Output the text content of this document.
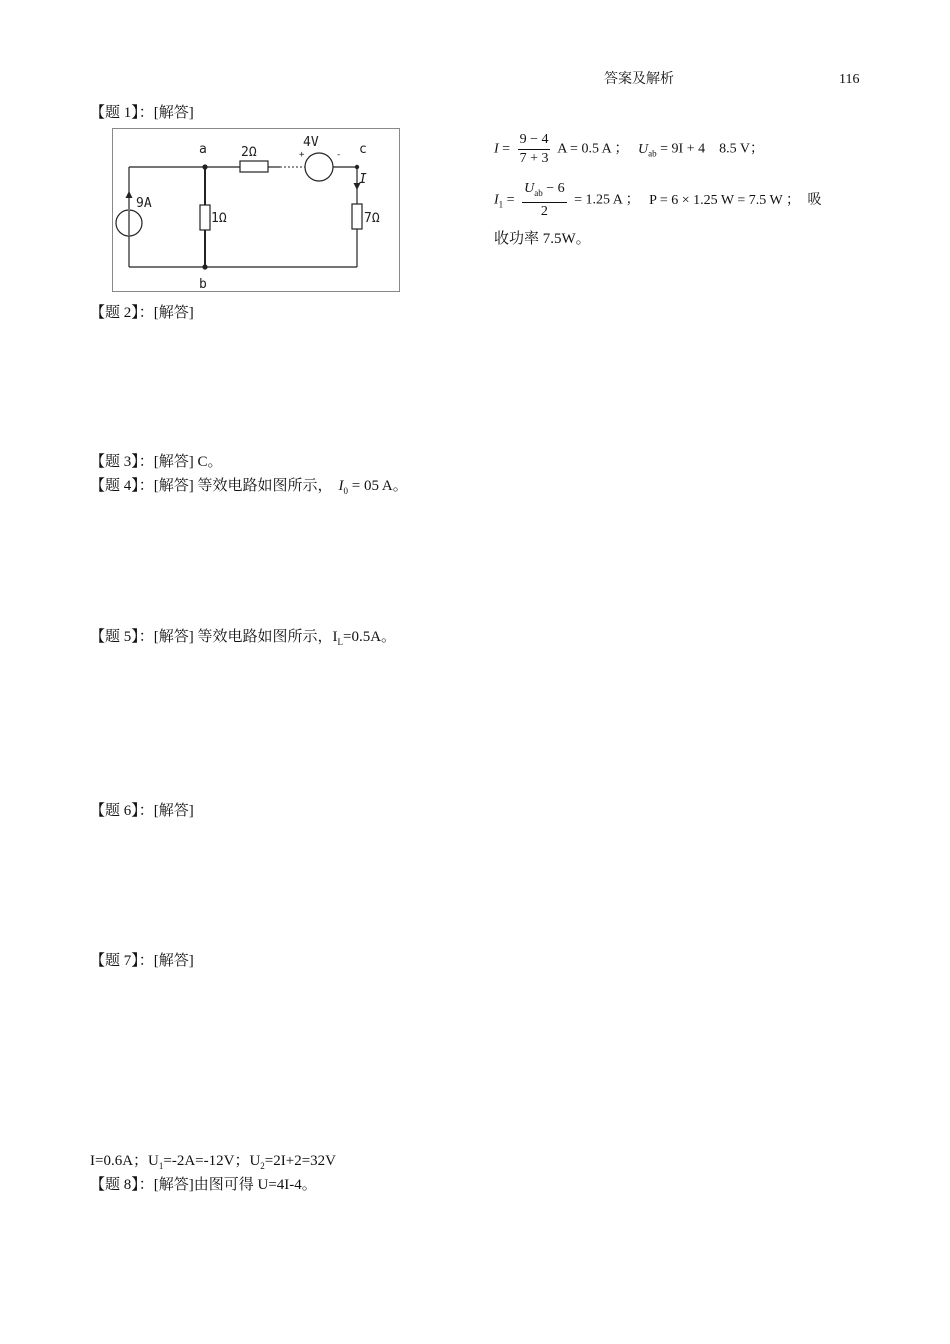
答案及解析	116
【题 1】：[解答]
a
b
c
9A
1Ω
2Ω
4V
+	-
7Ω
I
$I = \frac{9 - 4}{7 + 3}$ A = 0.5 A ； $U_{ab} = 9I + 4$　8.5 V；
$I_1 = \frac{U_{ab} - 6}{2} = 1.25$ A ； P = 6 × 1.25 W = 7.5 W ； 吸
收功率 7.5W。
【题 2】：[解答]
【题 3】：[解答] C。
【题 4】：[解答] 等效电路如图所示， $I_0 = 05$ A。
【题 5】：[解答] 等效电路如图所示，$I_L=0.5A$。
【题 6】：[解答]
【题 7】：[解答]
I=0.6A；$U_1=-2A=-12V$；$U_2=2I+2=32V$
【题 8】：[解答]由图可得 U=4I-4。
